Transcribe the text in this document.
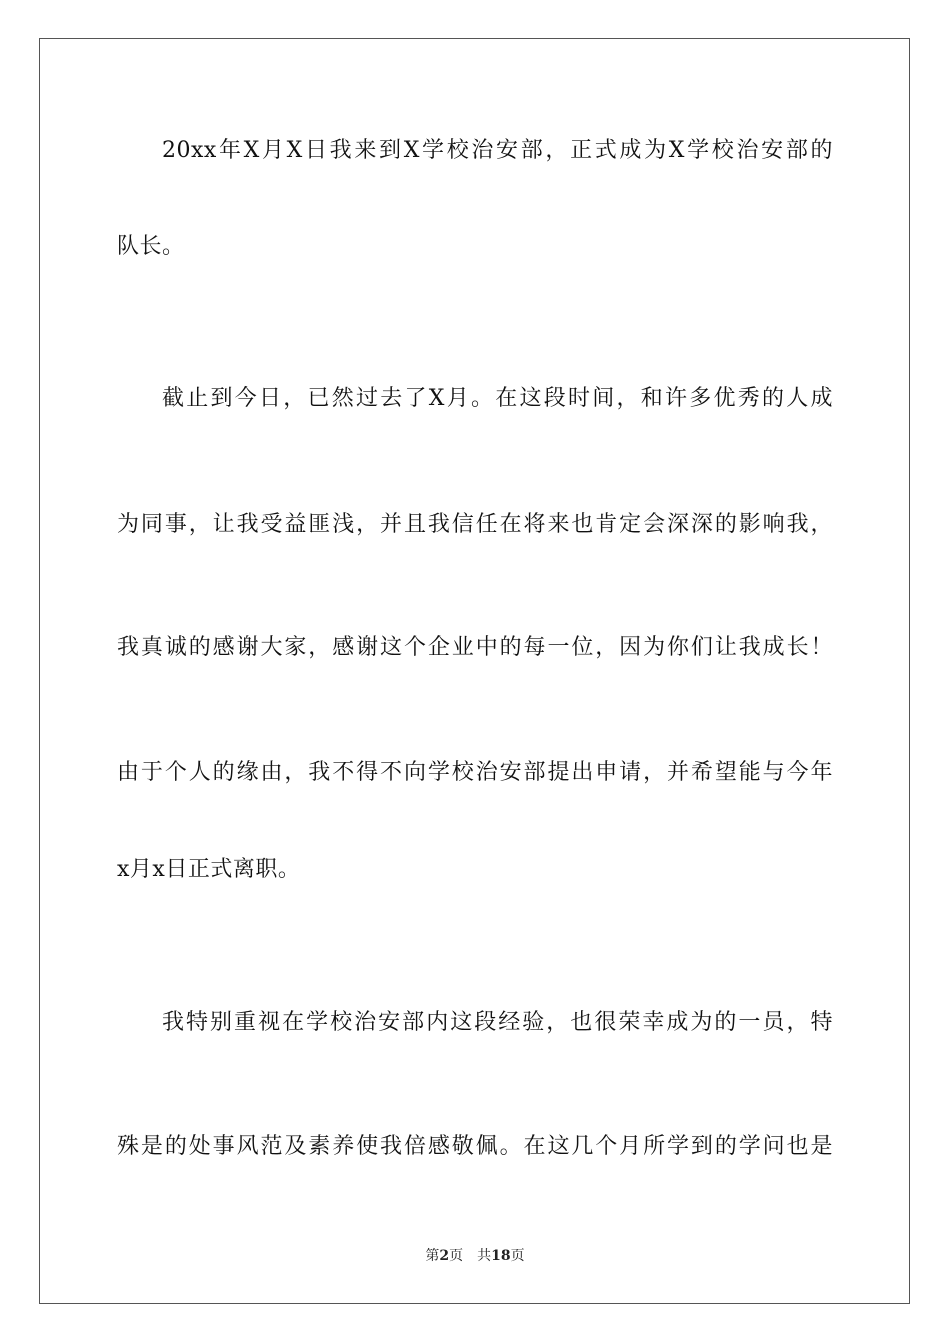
20xx年X月X日我来到X学校治安部，正式成为X学校治安部的
队长。
截止到今日，已然过去了X月。在这段时间，和许多优秀的人成
为同事，让我受益匪浅，并且我信任在将来也肯定会深深的影响我，
我真诚的感谢大家，感谢这个企业中的每一位，因为你们让我成长！
由于个人的缘由，我不得不向学校治安部提出申请，并希望能与今年
x月x日正式离职。
我特别重视在学校治安部内这段经验，也很荣幸成为的一员，特
殊是的处事风范及素养使我倍感敬佩。在这几个月所学到的学问也是
第2页 共18页
